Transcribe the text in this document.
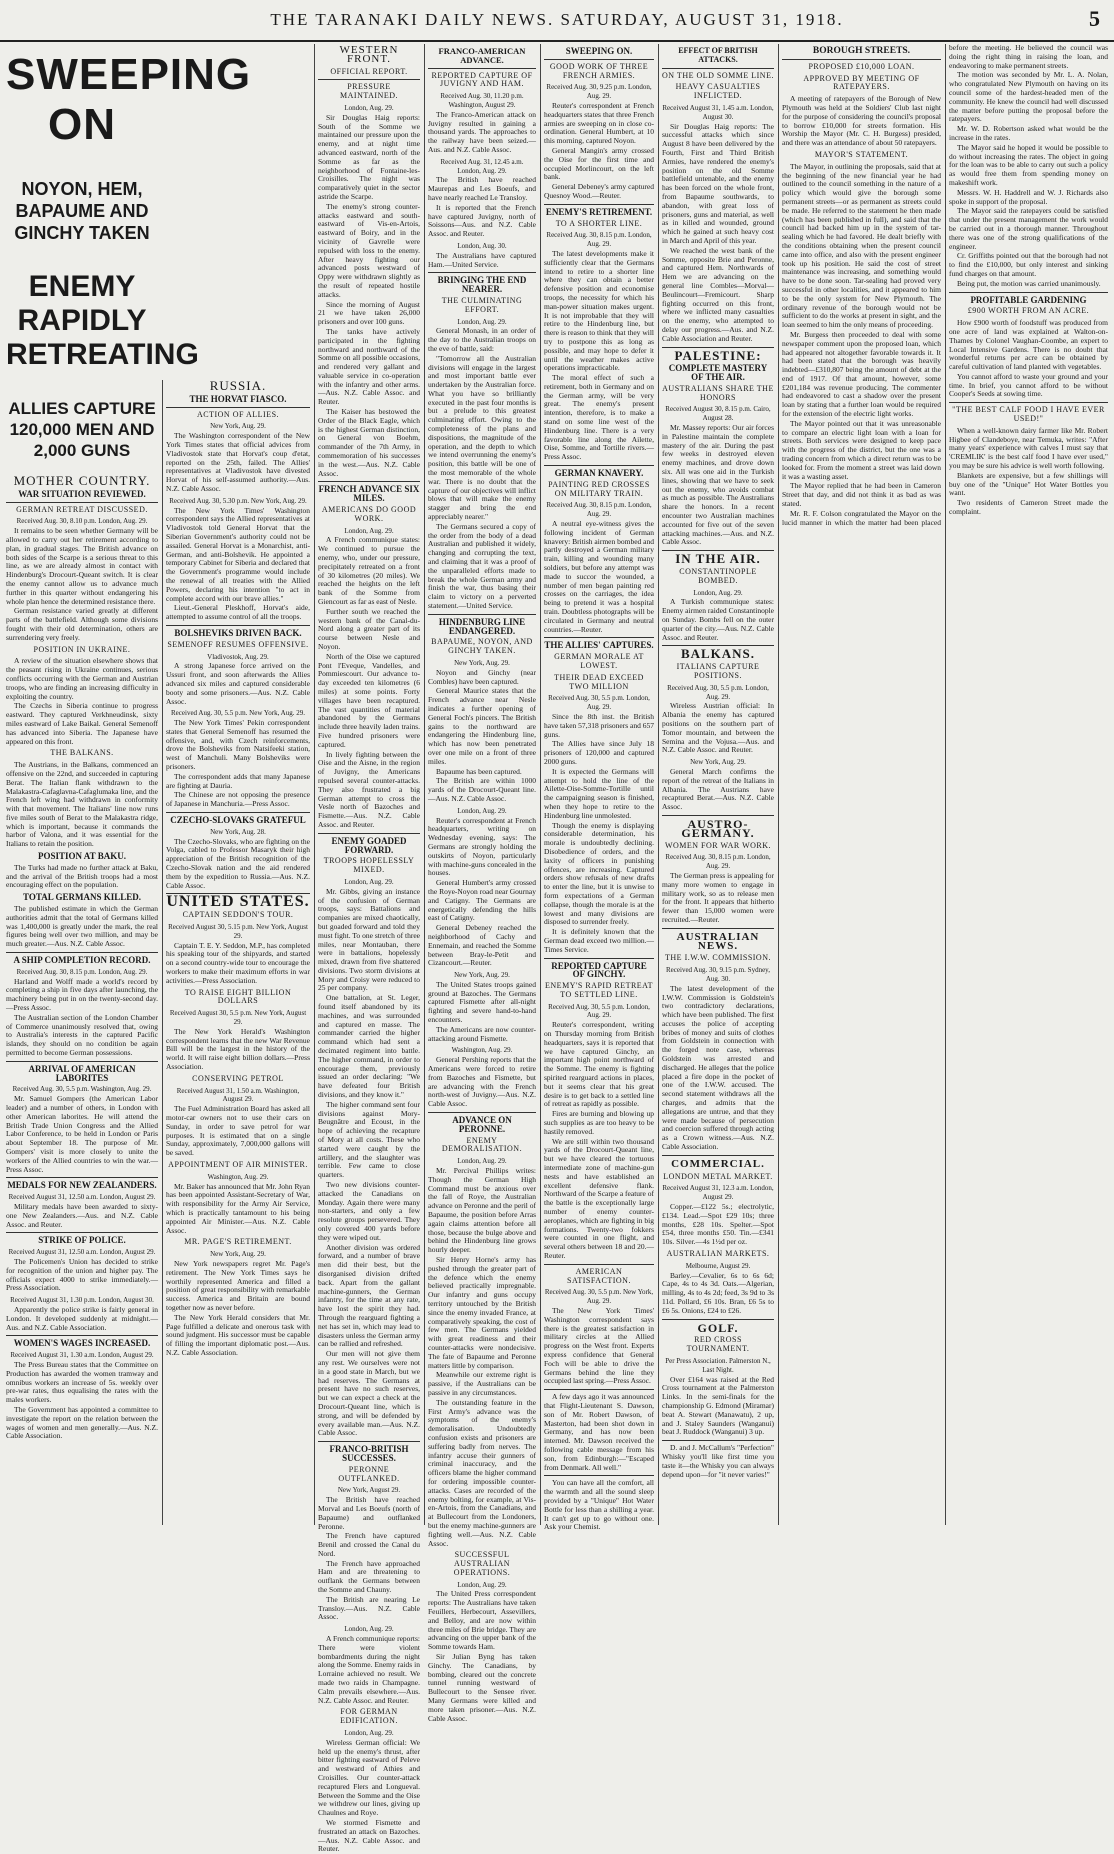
THE TARANAKI DAILY NEWS. SATURDAY, AUGUST 31, 1918.	5
SWEEPING ON
NOYON, HEM, BAPAUME AND GINCHY TAKEN
ENEMY RAPIDLY RETREATING
ALLIES CAPTURE 120,000 MEN AND 2,000 GUNS
MOTHER COUNTRY.
WAR SITUATION REVIEWED.
GERMAN RETREAT DISCUSSED.

Received Aug. 30, 8.10 p.m. London, Aug. 29.

It remains to be seen whether Germany will be allowed to carry out her retirement according to plan, in gradual stages. The British advance on both sides of the Scarpe is a serious threat to this line, as we are already almost in contact with Hindenburg's Drocourt-Queant switch. It is clear the enemy cannot allow us to advance much further in this quarter without endangering his whole plan hence the determined resistance there.

German resistance varied greatly at different parts of the battlefield. Although some divisions fought with their old determination, others are surrendering very freely.

POSITION IN UKRAINE.

A review of the situation elsewhere shows that the peasant rising in Ukraine continues, serious conflicts occurring with the German and Austrian troops, who are finding an increasing difficulty in exploiting the country.

The Czechs in Siberia continue to progress eastward. They captured Verkhneudinsk, sixty miles eastward of Lake Baikal. General Semenoff has advanced into Siberia. The Japanese have appeared on this front.

THE BALKANS.

The Austrians, in the Balkans, commenced an offensive on the 22nd, and succeeded in capturing Berat. The Italian flank withdrawn to the Malakastra-Cafaglavna-Cafaglumaka line, and the French left wing had withdrawn in conformity with that movement. The Italians' line now runs five miles south of Berat to the Malakastra ridge, which is important, because it commands the harbor of Valona, and it was essential for the Italians to retain the position.

POSITION AT BAKU.

The Turks had made no further attack at Baku, and the arrival of the British troops had a most encouraging effect on the population.

TOTAL GERMANS KILLED.

The published estimate in which the German authorities admit that the total of Germans killed was 1,400,000 is greatly under the mark, the real figures being well over two million, and may be much greater.—Aus. N.Z. Cable Assoc.

A SHIP COMPLETION RECORD.

Received Aug. 30, 8.15 p.m. London, Aug. 29.

Harland and Wolff made a world's record by completing a ship in five days after launching, the machinery being put in on the twenty-second day.—Press Assoc.

The Australian section of the London Chamber of Commerce unanimously resolved that, owing to Australia's interests in the captured Pacific islands, they should on no condition be again permitted to become German possessions.

ARRIVAL OF AMERICAN LABORITES

Received Aug. 30, 5.5 p.m. Washington, Aug. 29.

Mr. Samuel Gompers (the American Labor leader) and a number of others, in London with other American laborites. He will attend the British Trade Union Congress and the Allied Labor Conference, to be held in London or Paris about September 18. The purpose of Mr. Gompers' visit is more closely to unite the workers of the Allied countries to win the war.—Press Assoc.

MEDALS FOR NEW ZEALANDERS.

Received August 31, 12.50 a.m. London, August 29.

Military medals have been awarded to sixty-one New Zealanders.—Aus. and N.Z. Cable Assoc. and Reuter.

STRIKE OF POLICE.

Received August 31, 12.50 a.m. London, August 29.

The Policemen's Union has decided to strike for recognition of the union and higher pay. The officials expect 4000 to strike immediately.—Press Association.

Received August 31, 1.30 p.m. London, August 30.

Apparently the police strike is fairly general in London. It developed suddenly at midnight.—Aus. and N.Z. Cable Association.

WOMEN'S WAGES INCREASED.

Received August 31, 1.30 a.m. London, August 29.

The Press Bureau states that the Committee on Production has awarded the women tramway and omnibus workers an increase of 5s. weekly over pre-war rates, thus equalising the rates with the males workers.

The Government has appointed a committee to investigate the report on the relation between the wages of women and men generally.—Aus. N.Z. Cable Association.

RUSSIA.
THE HORVAT FIASCO.
ACTION OF ALLIES.

New York, Aug. 29.

The Washington correspondent of the New York Times states that official advices from Vladivostok state that Horvat's coup d'etat, reported on the 25th, failed. The Allies' representatives at Vladivostok have divested Horvat of his self-assumed authority.—Aus. N.Z. Cable Assoc.

Received Aug. 30, 5.30 p.m. New York, Aug. 29.

The New York Times' Washington correspondent says the Allied representatives at Vladivostok told General Horvat that the Siberian Government's authority could not be assailed. General Horvat is a Monarchist, anti-German, and anti-Bolshevik. He appointed a temporary Cabinet for Siberia and declared that the Government's programme would include the renewal of all treaties with the Allied Powers, declaring his intention "to act in complete accord with our brave allies."

Lieut.-General Pleskhoff, Horvat's aide, attempted to assume control of all the troops.

BOLSHEVIKS DRIVEN BACK.
SEMENOFF RESUMES OFFENSIVE.

Vladivostok, Aug. 29.

A strong Japanese force arrived on the Ussuri front, and soon afterwards the Allies advanced six miles and captured considerable booty and some prisoners.—Aus. N.Z. Cable Assoc.

Received Aug. 30, 5.5 p.m. New York, Aug. 29.

The New York Times' Pekin correspondent states that General Semenoff has resumed the offensive, and, with Czech reinforcements, drove the Bolsheviks from Natsifeeki station, west of Manchuli. Many Bolsheviks were prisoners.

The correspondent adds that many Japanese are fighting at Dauria.

The Chinese are not opposing the presence of Japanese in Manchuria.—Press Assoc.

CZECHO-SLOVAKS GRATEFUL

New York, Aug. 28.

The Czecho-Slovaks, who are fighting on the Volga, cabled to Professor Masaryk their high appreciation of the British recognition of the Czecho-Slovak nation and the aid rendered them by the expedition to Russia.—Aus. N.Z. Cable Assoc.

UNITED STATES.
CAPTAIN SEDDON'S TOUR.

Received August 30, 5.15 p.m. New York, August 29.

Captain T. E. Y. Seddon, M.P., has completed his speaking tour of the shipyards, and started on a second country-wide tour to encourage the workers to make their maximum efforts in war activities.—Press Association.

TO RAISE EIGHT BILLION DOLLARS

Received August 30, 5.5 p.m. New York, August 29.

The New York Herald's Washington correspondent learns that the new War Revenue Bill will be the largest in the history of the world. It will raise eight billion dollars.—Press Association.

CONSERVING PETROL

Received August 31, 1.50 a.m. Washington, August 29.

The Fuel Administration Board has asked all motor-car owners not to use their cars on Sunday, in order to save petrol for war purposes. It is estimated that on a single Sunday, approximately, 7,000,000 gallons will be saved.

APPOINTMENT OF AIR MINISTER.

Washington, Aug. 29.

Mr. Baker has announced that Mr. John Ryan has been appointed Assistant-Secretary of War, with responsibility for the Army Air Service, which is practically tantamount to his being appointed Air Minister.—Aus. N.Z. Cable Assoc.

MR. PAGE'S RETIREMENT.

New York, Aug. 29.

New York newspapers regret Mr. Page's retirement. The New York Times says he worthily represented America and filled a position of great responsibility with remarkable success. America and Britain are bound together now as never before.

The New York Herald considers that Mr. Page fulfilled a delicate and onerous task with sound judgment. His successor must be capable of filling the important diplomatic post.—Aus. N.Z. Cable Association.

WESTERN FRONT.
OFFICIAL REPORT.
PRESSURE MAINTAINED.

London, Aug. 29.

Sir Douglas Haig reports: South of the Somme we maintained our pressure upon the enemy, and at night time advanced eastward, north of the Somme as far as the neighborhood of Fontaine-les-Croisilles. The night was comparatively quiet in the sector astride the Scarpe.

The enemy's strong counter-attacks eastward and south-eastward of Vis-en-Artois, eastward of Boiry, and in the vicinity of Gavrelle were repulsed with loss to the enemy. After heavy fighting our advanced posts westward of Oppy were withdrawn slightly as the result of repeated hostile attacks.

Since the morning of August 21 we have taken 26,000 prisoners and over 100 guns.

The tanks have actively participated in the fighting northward and northward of the Somme on all possible occasions, and rendered very gallant and valuable service in co-operation with the infantry and other arms.—Aus. N.Z. Cable Assoc. and Reuter.

The Kaiser has bestowed the Order of the Black Eagle, which is the highest German distinction, on General von Boehm, commander of the 7th Army, in commemoration of his successes in the west.—Aus. N.Z. Cable Assoc.

FRENCH ADVANCE SIX MILES.
AMERICANS DO GOOD WORK.

London, Aug. 29.

A French communique states: We continued to pursue the enemy, who, under our pressure, precipitately retreated on a front of 30 kilometres (20 miles). We reached the heights on the left bank of the Somme from Giencourt as far as east of Nesle.

Further south we reached the western bank of the Canal-du-Nord along a greater part of its course between Nesle and Noyon.

North of the Oise we captured Pont l'Eveque, Vandelles, and Pommiescourt. Our advance to-day exceeded ten kilometres (6 miles) at some points. Forty villages have been recaptured. The vast quantities of material abandoned by the Germans include three heavily laden trains. Five hundred prisoners were captured.

In lively fighting between the Oise and the Aisne, in the region of Juvigny, the Americans repulsed several counter-attacks. They also frustrated a big German attempt to cross the Vesle north of Bazoches and Fismette.—Aus. N.Z. Cable Assoc. and Reuter.

ENEMY GOADED FORWARD.
TROOPS HOPELESSLY MIXED.

London, Aug. 29.

Mr. Gibbs, giving an instance of the confusion of German troops, says: Battalions and companies are mixed chaotically, but goaded forward and told they must fight. To one stretch of three miles, near Montauban, there were in battalions, hopelessly mixed, drawn from five shattered divisions. Two storm divisions at Mory and Croisy were reduced to 25 per company.

One battalion, at St. Leger, found itself abandoned by its machines, and was surrounded and captured en masse. The commander carried the higher command which had sent a decimated regiment into battle. The higher command, in order to encourage them, previously issued an order declaring: "We have defeated four British divisions, and they know it."

The higher command sent four divisions against Mory-Beugnâtre and Ecoust, in the hope of achieving the recapture of Mory at all costs. These who started were caught by the artillery, and the slaughter was terrible. Few came to close quarters.

Two new divisions counter-attacked the Canadians on Monday. Again there were many non-starters, and only a few resolute groups persevered. They only covered 400 yards before they were wiped out.

Another division was ordered forward, and a number of brave men did their best, but the disorganised division drifted back. Apart from the gallant machine-gunners, the German infantry, for the time at any rate, have lost the spirit they had. Through the rearguard fighting a net has set in, which may lead to disasters unless the German army can be rallied and refreshed.

Our men will not give them any rest. We ourselves were not in a good state in March, but we had reserves. The Germans at present have no such reserves, but we can expect a check at the Drocourt-Queant line, which is strong, and will be defended by every available man.—Aus. N.Z. Cable Assoc.

FRANCO-BRITISH SUCCESSES.
PERONNE OUTFLANKED.

New York, August 29.

The British have reached Morval and Les Boeufs (north of Bapaume) and outflanked Peronne.

The French have captured Brenil and crossed the Canal du Nord.

The French have approached Ham and are threatening to outflank the Germans between the Somme and Chauny.

The British are nearing Le Transloy.—Aus. N.Z. Cable Assoc.

London, Aug. 29.

A French communique reports: There were violent bombardments during the night along the Somme. Enemy raids in Lorraine achieved no result. We made two raids in Champagne. Calm prevails elsewhere.—Aus. N.Z. Cable Assoc. and Reuter.

FOR GERMAN EDIFICATION.

London, Aug. 29.

Wireless German official: We held up the enemy's thrust, after bitter fighting eastward of Peleve and westward of Athies and Croisilles. Our counter-attack recaptured Flers and Longueval. Between the Somme and the Oise we withdrew our lines, giving up Chaulnes and Roye.

We stormed Fismette and frustrated an attack on Bazoches.—Aus. N.Z. Cable Assoc. and Reuter.

FRANCO-AMERICAN ADVANCE.
REPORTED CAPTURE OF JUVIGNY AND HAM.

Received Aug. 30, 11.20 p.m. Washington, August 29.

The Franco-American attack on Juvigny resulted in gaining a thousand yards. The approaches to the railway have been seized.—Aus. and N.Z. Cable Assoc.

Received Aug. 31, 12.45 a.m. London, Aug. 29.

The British have reached Maurepas and Les Boeufs, and have nearly reached Le Transloy.

It is reported that the French have captured Juvigny, north of Soissons—Aus. and N.Z. Cable Assoc. and Reuter.

London, Aug. 30.

The Australians have captured Ham.—United Service.

BRINGING THE END NEARER.
THE CULMINATING EFFORT.

London, Aug. 29.

General Monash, in an order of the day to the Australian troops on the eve of battle, said:

"Tomorrow all the Australian divisions will engage in the largest and most important battle ever undertaken by the Australian force. What you have so brilliantly executed in the past four months is but a prelude to this greatest culminating effort. Owing to the completeness of the plans and dispositions, the magnitude of the operation, and the depth to which we intend overrunning the enemy's position, this battle will be one of the most memorable of the whole war. There is no doubt that the capture of our objectives will inflict blows that will make the enemy stagger and bring the end appreciably nearer."

The Germans secured a copy of the order from the body of a dead Australian and published it widely, changing and corrupting the text, and claiming that it was a proof of the unparalleled efforts made to break the whole German army and finish the war, thus basing their claim to victory on a perverted statement.—United Service.

HINDENBURG LINE ENDANGERED.
BAPAUME, NOYON, AND GINCHY TAKEN.

New York, Aug. 29.

Noyon and Ginchy (near Combles) have been captured.

General Maurice states that the French advance near Nesle indicates a further opening of General Foch's pincers. The British gains to the northward are endangering the Hindenburg line, which has now been penetrated over one mile on a front of three miles.

Bapaume has been captured.

The British are within 1000 yards of the Drocourt-Queant line.—Aus. N.Z. Cable Assoc.

London, Aug. 29.

Reuter's correspondent at French headquarters, writing on Wednesday evening, says: The Germans are strongly holding the outskirts of Noyon, particularly with machine-guns concealed in the houses.

General Humbert's army crossed the Roye-Noyon road near Gournay and Catigny. The Germans are energetically defending the hills east of Catigny.

General Debeney reached the neighborhood of Cachy and Ennemain, and reached the Somme between Bray-le-Petit and Cizancourt.—Reuter.

New York, Aug. 29.

The United States troops gained ground at Bazoches. The Germans captured Fismette after all-night fighting and severe hand-to-hand encounters.

The Americans are now counter-attacking around Fismette.

Washington, Aug. 29.

General Pershing reports that the Americans were forced to retire from Bazoches and Fismette, but are advancing with the French north-west of Juvigny.—Aus. N.Z. Cable Assoc.

ADVANCE ON PERONNE.
ENEMY DEMORALISATION.

London, Aug. 29.

Mr. Percival Phillips writes: Though the German High Command must be anxious over the fall of Roye, the Australian advance on Peronne and the peril of Bapaume, the position before Arras again claims attention before all those, because the bulge above and behind the Hindenburg line grows hourly deeper.

Sir Henry Horne's army has pushed through the greater part of the defence which the enemy believed practically impregnable. Our infantry and guns occupy territory untouched by the British since the enemy invaded France, at comparatively speaking, the cost of few men. The Germans yielded with great readiness and their counter-attacks were nondecisive. The fate of Bapaume and Peronne matters little by comparison.

Meanwhile our extreme right is passive, if the Australians can be passive in any circumstances.

The outstanding feature in the First Army's advance was the symptoms of the enemy's demoralisation. Undoubtedly confusion exists and prisoners are suffering badly from nerves. The infantry accuse their gunners of criminal inaccuracy, and the officers blame the higher command for ordering impossible counter-attacks. Cases are recorded of the enemy bolting, for example, at Vis-en-Artois, from the Canadians, and at Bullecourt from the Londoners, but the enemy machine-gunners are fighting well.—Aus. N.Z. Cable Assoc.

SUCCESSFUL AUSTRALIAN OPERATIONS.

London, Aug. 29.

The United Press correspondent reports: The Australians have taken Feuillers, Herbecourt, Assevillers, and Belloy, and are now within three miles of Brie bridge. They are advancing on the upper bank of the Somme towards Ham.

Sir Julian Byng has taken Ginchy. The Canadians, by bombing, cleared out the concrete tunnel running westward of Bullecourt to the Sensee river. Many Germans were killed and more taken prisoner.—Aus. N.Z. Cable Assoc.

SWEEPING ON.
GOOD WORK OF THREE FRENCH ARMIES.

Received Aug. 30, 9.25 p.m. London, Aug. 29.

Reuter's correspondent at French headquarters states that three French armies are sweeping on in close co-ordination. General Humbert, at 10 this morning, captured Noyon.

General Mangin's army crossed the Oise for the first time and occupied Morlincourt, on the left bank.

General Debeney's army captured Quesnoy Wood.—Reuter.

ENEMY'S RETIREMENT.
TO A SHORTER LINE.

Received Aug. 30, 8.15 p.m. London, Aug. 29.

The latest developments make it sufficiently clear that the Germans intend to retire to a shorter line where they can obtain a better defensive position and economise troops, the necessity for which his man-power situation makes urgent. It is not improbable that they will retire to the Hindenburg line, but there is reason to think that they will try to postpone this as long as possible, and may hope to defer it until the weather makes active operations impracticable.

The moral effect of such a retirement, both in Germany and on the German army, will be very great. The enemy's present intention, therefore, is to make a stand on some line west of the Hindenburg line. There is a very favorable line along the Ailette, Oise, Somme, and Tortille rivers.—Press Assoc.

GERMAN KNAVERY.
PAINTING RED CROSSES ON MILITARY TRAIN.

Received Aug. 30, 8.15 p.m. London, Aug. 29.

A neutral eye-witness gives the following incident of German knavery: British airmen bombed and partly destroyed a German military train, killing and wounding many soldiers, but before any attempt was made to succor the wounded, a number of men began painting red crosses on the carriages, the idea being to pretend it was a hospital train. Doubtless photographs will be circulated in Germany and neutral countries.—Reuter.

THE ALLIES' CAPTURES.
GERMAN MORALE AT LOWEST.
THEIR DEAD EXCEED TWO MILLION

Received Aug. 30, 5.5 p.m. London, Aug. 29.

Since the 8th inst. the British have taken 57,318 prisoners and 657 guns.

The Allies have since July 18 prisoners of 120,000 and captured 2000 guns.

It is expected the Germans will attempt to hold the line of the Ailette-Oise-Somme-Tortille until the campaigning season is finished, when they hope to retire to the Hindenburg line unmolested.

Though the enemy is displaying considerable determination, his morale is undoubtedly declining. Disobedience of orders, and the laxity of officers in punishing offences, are increasing. Captured orders show refusals of new drafts to enter the line, but it is unwise to form expectations of a German collapse, though the morale is at the lowest and many divisions are disposed to surrender freely.

It is definitely known that the German dead exceed two million.—Times Service.

REPORTED CAPTURE OF GINCHY.
ENEMY'S RAPID RETREAT TO SETTLED LINE.

Received Aug. 30, 5.5 p.m. London, Aug. 29.

Reuter's correspondent, writing on Thursday morning from British headquarters, says it is reported that we have captured Ginchy, an important high point northward of the Somme. The enemy is fighting spirited rearguard actions in places, but it seems clear that his great desire is to get back to a settled line of retreat as rapidly as possible.

Fires are burning and blowing up such supplies as are too heavy to be hastily removed.

We are still within two thousand yards of the Drocourt-Queant line, but we have cleared the tortuous intermediate zone of machine-gun nests and have established an excellent defensive flank. Northward of the Scarpe a feature of the battle is the exceptionally large number of enemy counter-aeroplanes, which are fighting in big formations. Twenty-two fokkers were counted in one flight, and several others between 18 and 20.—Reuter.

AMERICAN SATISFACTION.

Received Aug. 30, 5.5 p.m. New York, Aug. 29.

The New York Times' Washington correspondent says there is the greatest satisfaction in military circles at the Allied progress on the West front. Experts express confidence that General Foch will be able to drive the Germans behind the line they occupied last spring.—Press Assoc.

A few days ago it was announced that Flight-Lieutenant S. Dawson, son of Mr. Robert Dawson, of Masterton, had been shot down in Germany, and has now been interned. Mr. Dawson received the following cable message from his son, from Edinburgh:—"Escaped from Denmark. All well."

You can have all the comfort, all the warmth and all the sound sleep provided by a "Unique" Hot Water Bottle for less than a shilling a year. It can't get up to go without one. Ask your Chemist.

EFFECT OF BRITISH ATTACKS.
ON THE OLD SOMME LINE.
HEAVY CASUALTIES INFLICTED.

Received August 31, 1.45 a.m. London, August 30.

Sir Douglas Haig reports: The successful attacks which since August 8 have been delivered by the Fourth, First and Third British Armies, have rendered the enemy's position on the old Somme battlefield untenable, and the enemy has been forced on the whole front, from Bapaume southwards, to abandon, with great loss of prisoners, guns and material, as well as in killed and wounded, ground which he gained at such heavy cost in March and April of this year.

We reached the west bank of the Somme, opposite Brie and Peronne, and captured Hem. Northwards of Hem we are advancing on the general line Combles—Morval—Beulincourt—Fremicourt. Sharp fighting occurred on this front, where we inflicted many casualties on the enemy, who attempted to delay our progress.—Aus. and N.Z. Cable Association and Reuter.

PALESTINE:
COMPLETE MASTERY OF THE AIR.
AUSTRALIANS SHARE THE HONORS

Received August 30, 8.15 p.m. Cairo, August 28.

Mr. Massey reports: Our air forces in Palestine maintain the complete mastery of the air. During the past few weeks in destroyed eleven enemy machines, and drove down six. All was one aid in the Turkish lines, showing that we have to seek out the enemy, who avoids combat as much as possible. The Australians share the honors. In a recent encounter two Australian machines accounted for five out of the seven attacking machines.—Aus. and N.Z. Cable Assoc.

IN THE AIR.
CONSTANTINOPLE BOMBED.

London, Aug. 29.

A Turkish communique states: Enemy airmen raided Constantinople on Sunday. Bombs fell on the outer quarter of the city.—Aus. N.Z. Cable Assoc. and Reuter.

BALKANS.
ITALIANS CAPTURE POSITIONS.

Received Aug. 30, 5.5 p.m. London, Aug. 29.

Wireless Austrian official: In Albania the enemy has captured positions on the southern part of Tomor mountain, and between the Semina and the Vojusa.—Aus. and N.Z. Cable Assoc. and Reuter.

New York, Aug. 29.

General March confirms the report of the retreat of the Italians in Albania. The Austrians have recaptured Berat.—Aus. N.Z. Cable Assoc.

AUSTRO-GERMANY.
WOMEN FOR WAR WORK.

Received Aug. 30, 8.15 p.m. London, Aug. 29.

The German press is appealing for many more women to engage in military work, so as to release men for the front. It appears that hitherto fewer than 15,000 women were recruited.—Reuter.

AUSTRALIAN NEWS.
THE I.W.W. COMMISSION.

Received Aug. 30, 9.15 p.m. Sydney, Aug. 30.

The latest development of the I.W.W. Commission is Goldstein's two contradictory declarations, which have been published. The first accuses the police of accepting bribes of money and suits of clothes from Goldstein in connection with the forged note case, whereas Goldstein was arrested and discharged. He alleges that the police placed a fire dope in the pocket of one of the I.W.W. accused. The second statement withdraws all the charges, and admits that the allegations are untrue, and that they were made because of persecution and coercion suffered through acting as a Crown witness.—Aus. N.Z. Cable Association.

COMMERCIAL.
LONDON METAL MARKET.

Received August 31, 12.3 a.m. London, August 29.

Copper.—£122 5s.; electrolytic, £134. Lead.—Spot £29 10s; three months, £28 10s. Spelter.—Spot £54, three months £50. Tin.—£341 10s. Silver.—4s 1½d per oz.

AUSTRALIAN MARKETS.

Melbourne, August 29.

Barley.—Cevalier, 6s to 6s 6d; Cape, 4s to 4s 3d. Oats.—Algerian, milling, 4s to 4s 2d; feed, 3s 9d to 3s 11d. Pollard, £6 10s. Bran, £6 5s to £6 5s. Onions, £24 to £26.

GOLF.
RED CROSS TOURNAMENT.

Per Press Association. Palmerston N., Last Night.

Over £164 was raised at the Red Cross tournament at the Palmerston Links. In the semi-finals for the championship G. Edmond (Miramar) beat A. Stewart (Manawatu), 2 up, and J. Staley Saunders (Wanganui) beat J. Ruddock (Wanganui) 3 up.

D. and J. McCallum's "Perfection" Whisky you'll like first time you taste it—the Whisky you can always depend upon—for "it never varies!"

BOROUGH STREETS.
PROPOSED £10,000 LOAN.
APPROVED BY MEETING OF RATEPAYERS.

A meeting of ratepayers of the Borough of New Plymouth was held at the Soldiers' Club last night for the purpose of considering the council's proposal to borrow £10,000 for streets formation. His Worship the Mayor (Mr. C. H. Burgess) presided, and there was an attendance of about 50 ratepayers.

MAYOR'S STATEMENT.

The Mayor, in outlining the proposals, said that at the beginning of the new financial year he had outlined to the council something in the nature of a policy which would give the borough some permanent streets—or as permanent as streets could be made. He referred to the statement he then made (which has been published in full), and said that the council had backed him up in the system of tar-sealing which he had favored. He dealt briefly with the conditions obtaining when the present council came into office, and also with the present engineer took up his position. He said the cost of street maintenance was increasing, and something would have to be done soon. Tar-sealing had proved very successful in other localities, and it appeared to him to be the only system for New Plymouth. The ordinary revenue of the borough would not be sufficient to do the works at present in sight, and the loan seemed to him the only means of proceeding.

Mr. Burgess then proceeded to deal with some newspaper comment upon the proposed loan, which had appeared not altogether favorable towards it. It had been stated that the borough was heavily indebted—£310,807 being the amount of debt at the end of 1917. Of that amount, however, some £201,184 was revenue producing. The commenter had endeavored to cast a shadow over the present loan by stating that a further loan would be required for the extension of the electric light works.

The Mayor pointed out that it was unreasonable to compare an electric light loan with a loan for streets. Both services were designed to keep pace with the progress of the district, but the one was a trading concern from which a direct return was to be looked for. From the moment a street was laid down it was a wasting asset.

The Mayor replied that he had been in Cameron Street that day, and did not think it as bad as was stated.

Mr. R. F. Colson congratulated the Mayor on the lucid manner in which the matter had been placed before the meeting. He believed the council was doing the right thing in raising the loan, and endeavoring to make permanent streets.

The motion was seconded by Mr. L. A. Nolan, who congratulated New Plymouth on having on its council some of the hardest-headed men of the community. He knew the council had well discussed the matter before putting the proposal before the ratepayers.

Mr. W. D. Robertson asked what would be the increase in the rates.

The Mayor said he hoped it would be possible to do without increasing the rates. The object in going for the loan was to be able to carry out such a policy as would free them from spending money on makeshift work.

Messrs. W. H. Haddrell and W. J. Richards also spoke in support of the proposal.

The Mayor said the ratepayers could be satisfied that under the present management the work would be carried out in a thorough manner. Throughout there was one of the strong qualifications of the engineer.

Cr. Griffiths pointed out that the borough had not to find the £10,000, but only interest and sinking fund charges on that amount.

Being put, the motion was carried unanimously.

PROFITABLE GARDENING
£900 WORTH FROM AN ACRE.

How £900 worth of foodstuff was produced from one acre of land was explained at Walton-on-Thames by Colonel Vaughan-Coombe, an expert to Local Intensive Gardens. There is no doubt that wonderful returns per acre can be obtained by careful cultivation of land planted with vegetables.

You cannot afford to waste your ground and your time. In brief, you cannot afford to be without Cooper's Seeds at sowing time.

"THE BEST CALF FOOD I HAVE EVER USED!"

When a well-known dairy farmer like Mr. Robert Higbee of Clandeboye, near Temuka, writes: "After many years' experience with calves I must say that 'CREMLIK' is the best calf food I have ever used," you may be sure his advice is well worth following.

Blankets are expensive, but a few shillings will buy one of the "Unique" Hot Water Bottles you want.

Two residents of Cameron Street made the complaint.
